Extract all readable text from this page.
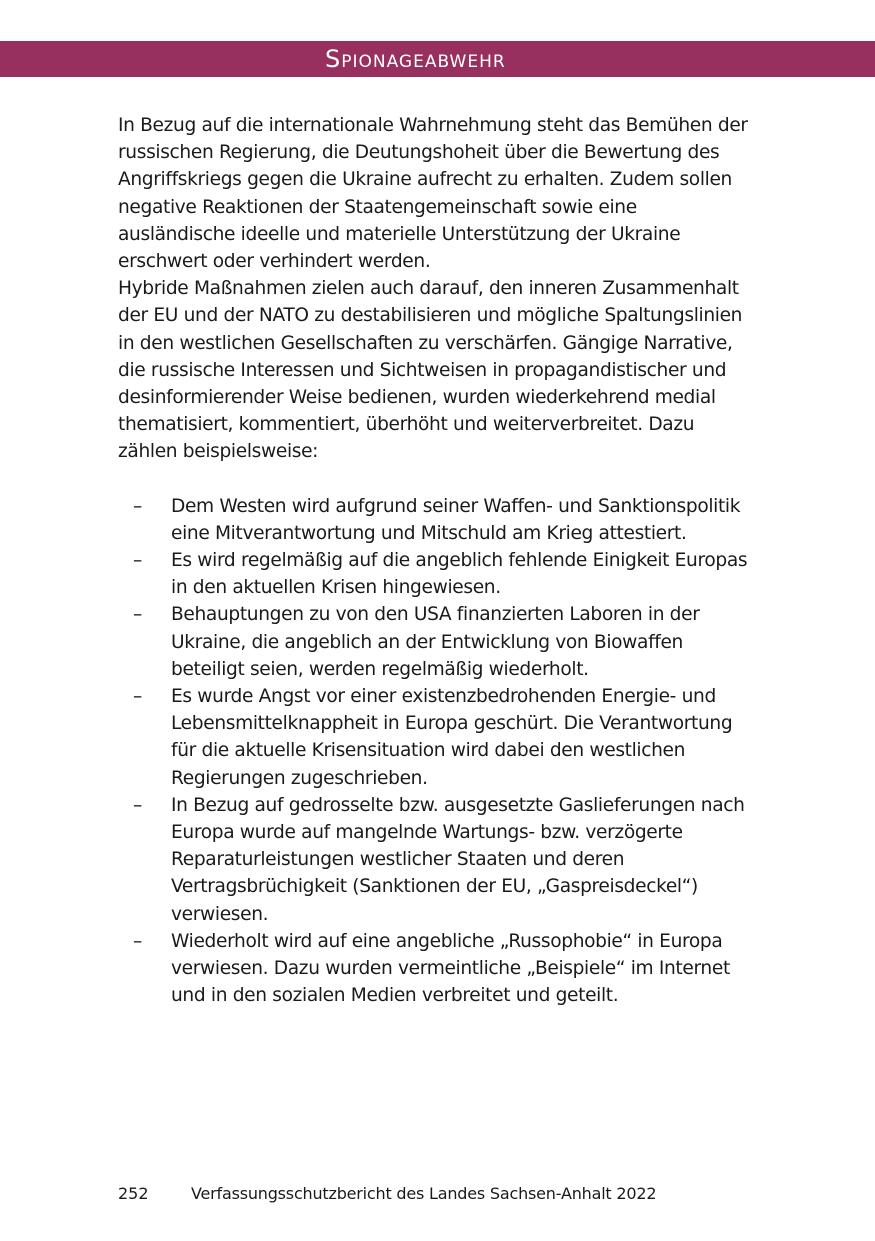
Spionageabwehr

In Bezug auf die internationale Wahrnehmung steht das Bemühen der russischen Regierung, die Deutungshoheit über die Bewertung des Angriffskriegs gegen die Ukraine aufrecht zu erhalten. Zudem sollen negative Reaktionen der Staatengemeinschaft sowie eine ausländische ideelle und materielle Unterstützung der Ukraine erschwert oder verhindert werden.

Hybride Maßnahmen zielen auch darauf, den inneren Zusammenhalt der EU und der NATO zu destabilisieren und mögliche Spaltungslinien in den westlichen Gesellschaften zu verschärfen. Gängige Narrative, die russische Interessen und Sichtweisen in propagandistischer und desinformierender Weise bedienen, wurden wiederkehrend medial thematisiert, kommentiert, überhöht und weiterverbreitet. Dazu zählen beispielsweise:

– Dem Westen wird aufgrund seiner Waffen- und Sanktionspolitik eine Mitverantwortung und Mitschuld am Krieg attestiert.
– Es wird regelmäßig auf die angeblich fehlende Einigkeit Europas in den aktuellen Krisen hingewiesen.
– Behauptungen zu von den USA finanzierten Laboren in der Ukraine, die angeblich an der Entwicklung von Biowaffen beteiligt seien, werden regelmäßig wiederholt.
– Es wurde Angst vor einer existenzbedrohenden Energie- und Lebensmittelknappheit in Europa geschürt. Die Verantwortung für die aktuelle Krisensituation wird dabei den westlichen Regierungen zugeschrieben.
– In Bezug auf gedrosselte bzw. ausgesetzte Gaslieferungen nach Europa wurde auf mangelnde Wartungs- bzw. verzögerte Reparaturleistungen westlicher Staaten und deren Vertragsbrüchigkeit (Sanktionen der EU, „Gaspreisdeckel“) verwiesen.
– Wiederholt wird auf eine angebliche „Russophobie“ in Europa verwiesen. Dazu wurden vermeintliche „Beispiele“ im Internet und in den sozialen Medien verbreitet und geteilt.
252	Verfassungsschutzbericht des Landes Sachsen-Anhalt 2022
